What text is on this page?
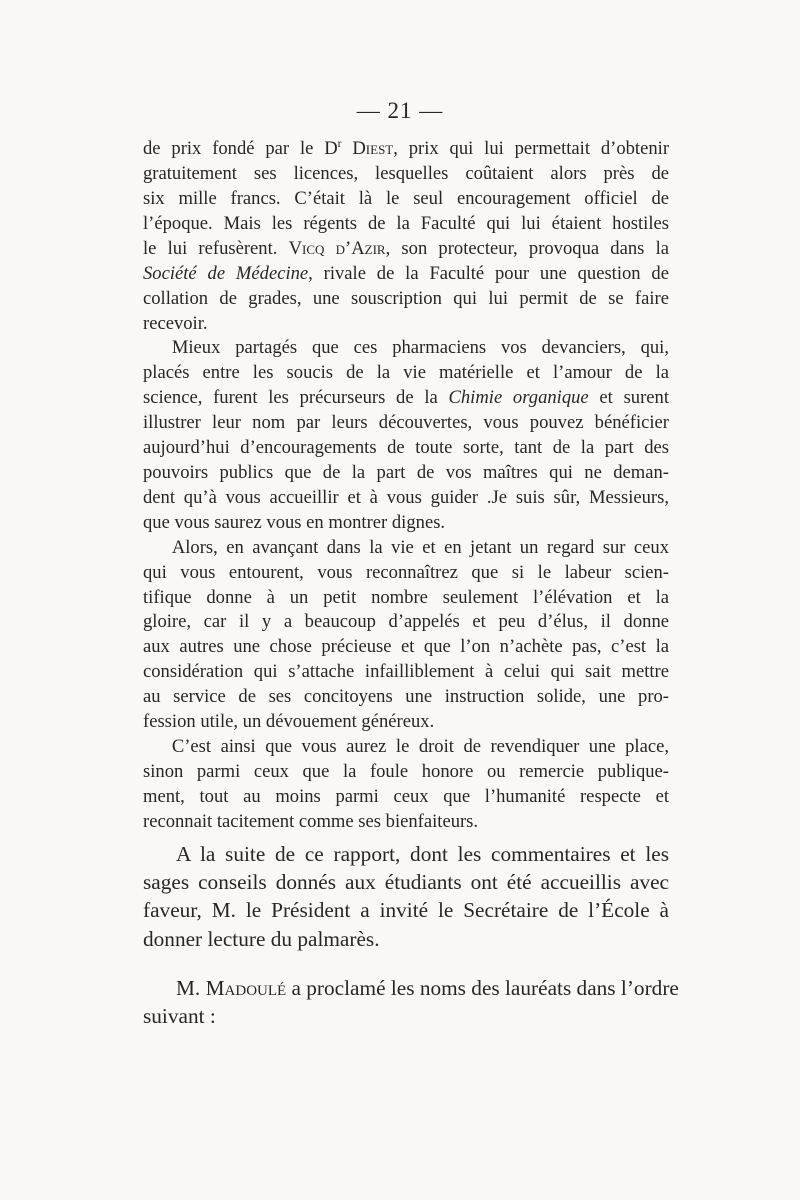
— 21 —
de prix fondé par le $D^r$ Diest, prix qui lui permettait d’obtenir
gratuitement ses licences, lesquelles coûtaient alors près de
six mille francs. C’était là le seul encouragement officiel de
l’époque. Mais les régents de la Faculté qui lui étaient hostiles
le lui refusèrent. Vicq d’Azir, son protecteur, provoqua dans la
Société de Médecine, rivale de la Faculté pour une question de
collation de grades, une souscription qui lui permit de se faire
recevoir.
Mieux partagés que ces pharmaciens vos devanciers, qui,
placés entre les soucis de la vie matérielle et l’amour de la
science, furent les précurseurs de la Chimie organique et surent
illustrer leur nom par leurs découvertes, vous pouvez bénéficier
aujourd’hui d’encouragements de toute sorte, tant de la part des
pouvoirs publics que de la part de vos maîtres qui ne deman-
dent qu’à vous accueillir et à vous guider .Je suis sûr, Messieurs,
que vous saurez vous en montrer dignes.
Alors, en avançant dans la vie et en jetant un regard sur ceux
qui vous entourent, vous reconnaîtrez que si le labeur scien-
tifique donne à un petit nombre seulement l’élévation et la
gloire, car il y a beaucoup d’appelés et peu d’élus, il donne
aux autres une chose précieuse et que l’on n’achète pas, c’est la
considération qui s’attache infailliblement à celui qui sait mettre
au service de ses concitoyens une instruction solide, une pro-
fession utile, un dévouement généreux.
C’est ainsi que vous aurez le droit de revendiquer une place,
sinon parmi ceux que la foule honore ou remercie publique-
ment, tout au moins parmi ceux que l’humanité respecte et
reconnait tacitement comme ses bienfaiteurs.
A la suite de ce rapport, dont les commentaires et les
sages conseils donnés aux étudiants ont été accueillis avec
faveur, M. le Président a invité le Secrétaire de l’École à
donner lecture du palmarès.
M. Madoulé a proclamé les noms des lauréats dans l’ordre
suivant :
